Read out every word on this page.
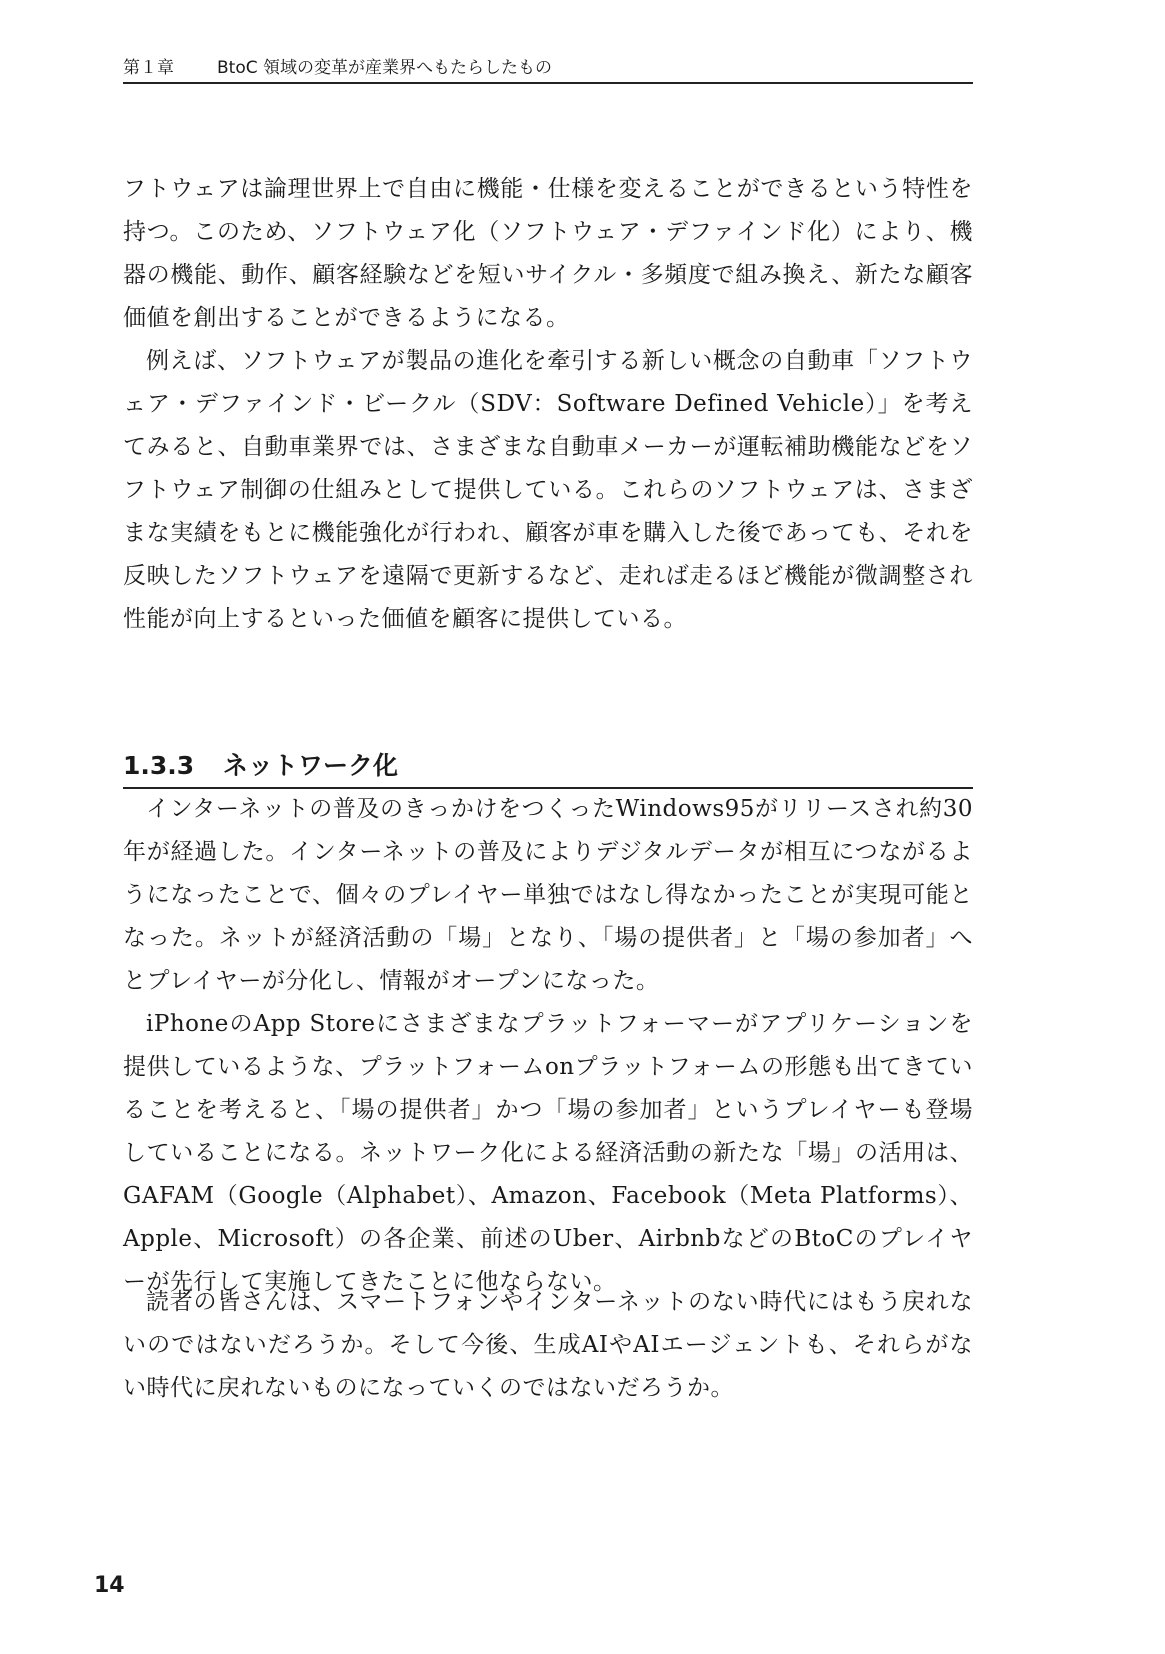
第１章	BtoC 領域の変革が産業界へもたらしたもの

フトウェアは論理世界上で自由に機能・仕様を変えることができるという特性を持つ。このため、ソフトウェア化（ソフトウェア・デファインド化）により、機器の機能、動作、顧客経験などを短いサイクル・多頻度で組み換え、新たな顧客価値を創出することができるようになる。

例えば、ソフトウェアが製品の進化を牽引する新しい概念の自動車「ソフトウェア・デファインド・ビークル（SDV：Software Defined Vehicle）」を考えてみると、自動車業界では、さまざまな自動車メーカーが運転補助機能などをソフトウェア制御の仕組みとして提供している。これらのソフトウェアは、さまざまな実績をもとに機能強化が行われ、顧客が車を購入した後であっても、それを反映したソフトウェアを遠隔で更新するなど、走れば走るほど機能が微調整され性能が向上するといった価値を顧客に提供している。

1.3.3 ネットワーク化

インターネットの普及のきっかけをつくったWindows95がリリースされ約30年が経過した。インターネットの普及によりデジタルデータが相互につながるようになったことで、個々のプレイヤー単独ではなし得なかったことが実現可能となった。ネットが経済活動の「場」となり、「場の提供者」と「場の参加者」へとプレイヤーが分化し、情報がオープンになった。

iPhoneのApp Storeにさまざまなプラットフォーマーがアプリケーションを提供しているような、プラットフォームonプラットフォームの形態も出てきていることを考えると、「場の提供者」かつ「場の参加者」というプレイヤーも登場していることになる。ネットワーク化による経済活動の新たな「場」の活用は、GAFAM（Google（Alphabet）、Amazon、Facebook（Meta Platforms）、Apple、Microsoft）の各企業、前述のUber、AirbnbなどのBtoCのプレイヤーが先行して実施してきたことに他ならない。

読者の皆さんは、スマートフォンやインターネットのない時代にはもう戻れないのではないだろうか。そして今後、生成AIやAIエージェントも、それらがない時代に戻れないものになっていくのではないだろうか。

14
